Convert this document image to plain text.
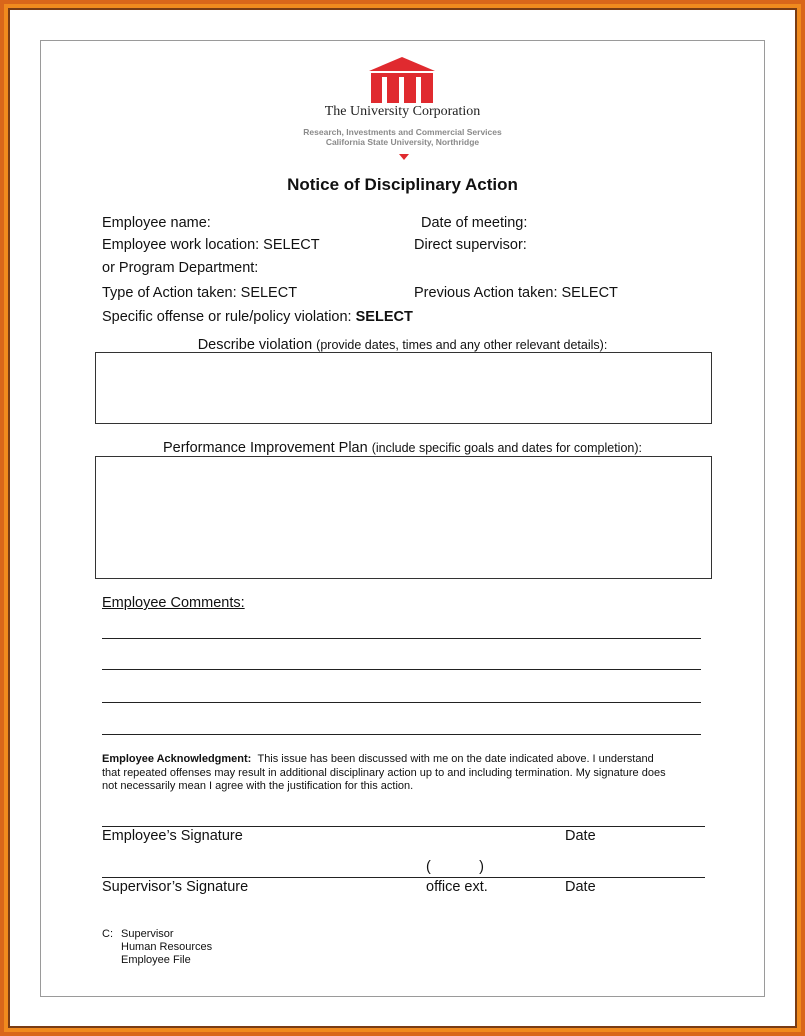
The University Corporation
Research, Investments and Commercial Services
California State University, Northridge
Notice of Disciplinary Action
Employee name:	Date of meeting:
Employee work location: SELECT	Direct supervisor:
or Program Department:
Type of Action taken: SELECT	Previous Action taken: SELECT
Specific offense or rule/policy violation: SELECT
Describe violation (provide dates, times and any other relevant details):
Performance Improvement Plan (include specific goals and dates for completion):
Employee Comments:
Employee Acknowledgment: This issue has been discussed with me on the date indicated above. I understand
that repeated offenses may result in additional disciplinary action up to and including termination. My signature does
not necessarily mean I agree with the justification for this action.
Employee’s Signature	Date
(            )
Supervisor’s Signature	office ext.	Date
C: Supervisor
Human Resources
Employee File
